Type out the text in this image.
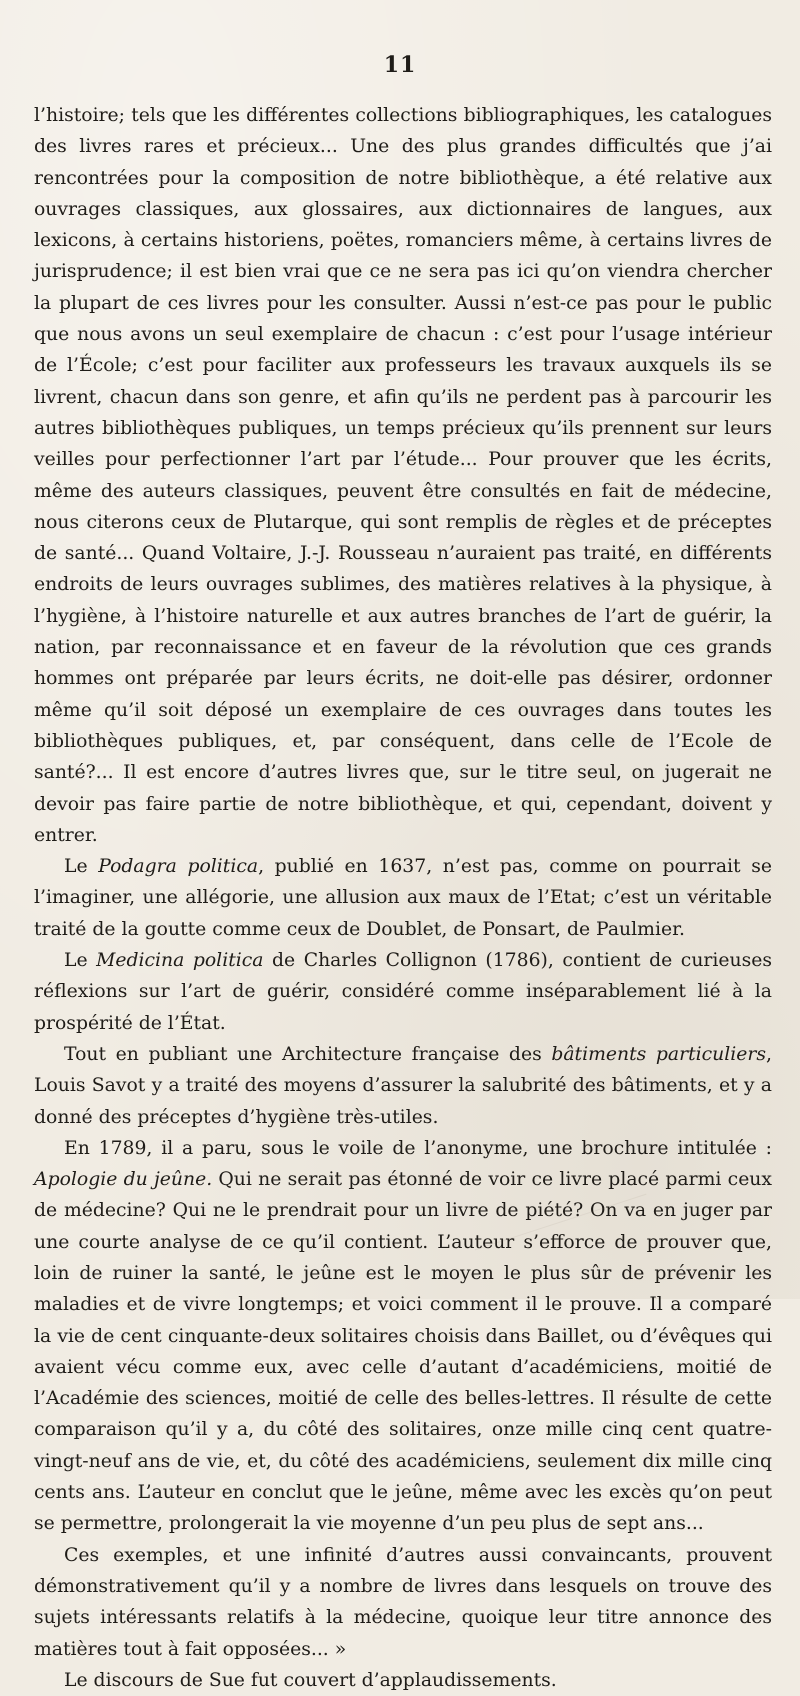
11

l’histoire; tels que les différentes collections bibliographiques, les catalogues des livres rares et précieux... Une des plus grandes difficultés que j’ai rencontrées pour la composition de notre bibliothèque, a été relative aux ouvrages classiques, aux glossaires, aux dictionnaires de langues, aux lexicons, à certains historiens, poëtes, romanciers même, à certains livres de jurisprudence; il est bien vrai que ce ne sera pas ici qu’on viendra chercher la plupart de ces livres pour les consulter. Aussi n’est-ce pas pour le public que nous avons un seul exemplaire de chacun : c’est pour l’usage intérieur de l’École; c’est pour faciliter aux professeurs les travaux auxquels ils se livrent, chacun dans son genre, et afin qu’ils ne perdent pas à parcourir les autres bibliothèques publiques, un temps précieux qu’ils prennent sur leurs veilles pour perfectionner l’art par l’étude... Pour prouver que les écrits, même des auteurs classiques, peuvent être consultés en fait de médecine, nous citerons ceux de Plutarque, qui sont remplis de règles et de préceptes de santé... Quand Voltaire, J.-J. Rousseau n’auraient pas traité, en différents endroits de leurs ouvrages sublimes, des matières relatives à la physique, à l’hygiène, à l’histoire naturelle et aux autres branches de l’art de guérir, la nation, par reconnaissance et en faveur de la révolution que ces grands hommes ont préparée par leurs écrits, ne doit-elle pas désirer, ordonner même qu’il soit déposé un exemplaire de ces ouvrages dans toutes les bibliothèques publiques, et, par conséquent, dans celle de l’Ecole de santé?... Il est encore d’autres livres que, sur le titre seul, on jugerait ne devoir pas faire partie de notre bibliothèque, et qui, cependant, doivent y entrer.

Le Podagra politica, publié en 1637, n’est pas, comme on pourrait se l’imaginer, une allégorie, une allusion aux maux de l’Etat; c’est un véritable traité de la goutte comme ceux de Doublet, de Ponsart, de Paulmier.

Le Medicina politica de Charles Collignon (1786), contient de curieuses réflexions sur l’art de guérir, considéré comme inséparablement lié à la prospérité de l’État.

Tout en publiant une Architecture française des bâtiments particuliers, Louis Savot y a traité des moyens d’assurer la salubrité des bâtiments, et y a donné des préceptes d’hygiène très-utiles.

En 1789, il a paru, sous le voile de l’anonyme, une brochure intitulée : Apologie du jeûne. Qui ne serait pas étonné de voir ce livre placé parmi ceux de médecine? Qui ne le prendrait pour un livre de piété? On va en juger par une courte analyse de ce qu’il contient. L’auteur s’efforce de prouver que, loin de ruiner la santé, le jeûne est le moyen le plus sûr de prévenir les maladies et de vivre longtemps; et voici comment il le prouve. Il a comparé la vie de cent cinquante-deux solitaires choisis dans Baillet, ou d’évêques qui avaient vécu comme eux, avec celle d’autant d’académiciens, moitié de l’Académie des sciences, moitié de celle des belles-lettres. Il résulte de cette comparaison qu’il y a, du côté des solitaires, onze mille cinq cent quatre-vingt-neuf ans de vie, et, du côté des académiciens, seulement dix mille cinq cents ans. L’auteur en conclut que le jeûne, même avec les excès qu’on peut se permettre, prolongerait la vie moyenne d’un peu plus de sept ans...

Ces exemples, et une infinité d’autres aussi convaincants, prouvent démonstrativement qu’il y a nombre de livres dans lesquels on trouve des sujets intéressants relatifs à la médecine, quoique leur titre annonce des matières tout à fait opposées... »

Le discours de Sue fut couvert d’applaudissements.
